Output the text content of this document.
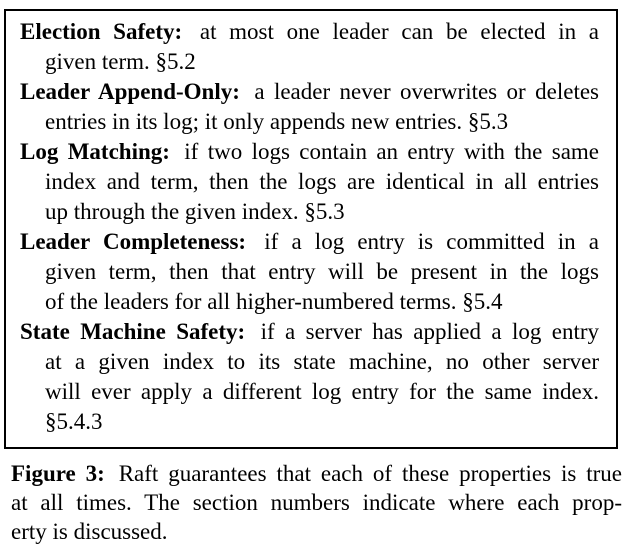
Election Safety: at most one leader can be elected in a
given term. §5.2
Leader Append-Only: a leader never overwrites or deletes
entries in its log; it only appends new entries. §5.3
Log Matching: if two logs contain an entry with the same
index and term, then the logs are identical in all entries
up through the given index. §5.3
Leader Completeness: if a log entry is committed in a
given term, then that entry will be present in the logs
of the leaders for all higher-numbered terms. §5.4
State Machine Safety: if a server has applied a log entry
at a given index to its state machine, no other server
will ever apply a different log entry for the same index.
§5.4.3
Figure 3: Raft guarantees that each of these properties is true
at all times. The section numbers indicate where each prop-
erty is discussed.
